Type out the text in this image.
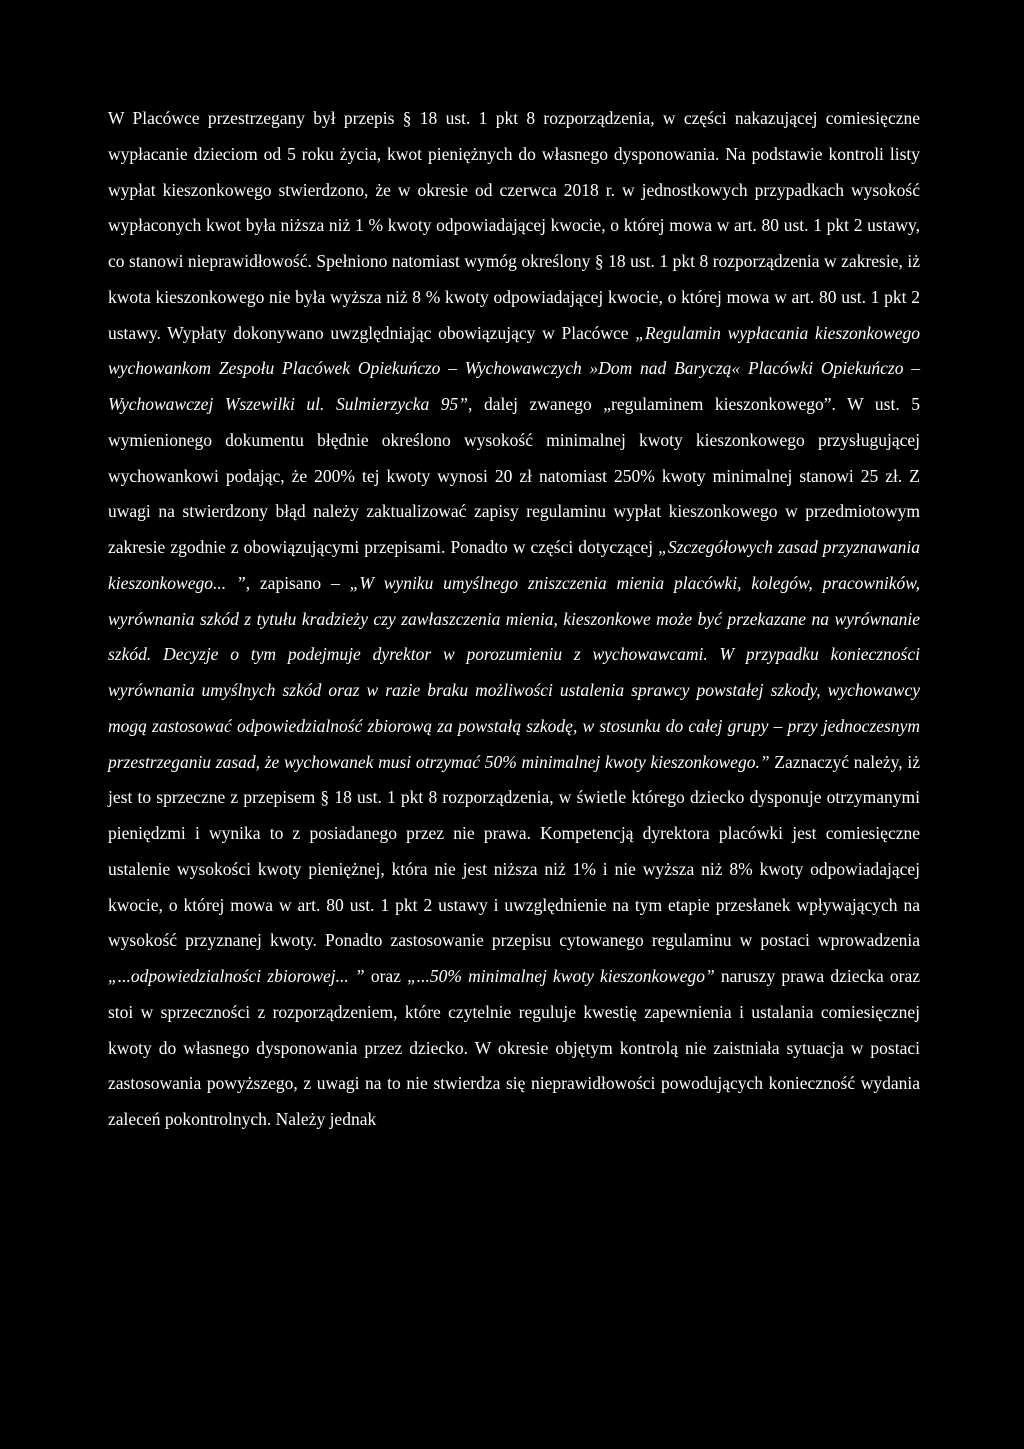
W Placówce przestrzegany był przepis § 18 ust. 1 pkt 8 rozporządzenia, w części nakazującej comiesięczne wypłacanie dzieciom od 5 roku życia, kwot pieniężnych do własnego dysponowania. Na podstawie kontroli listy wypłat kieszonkowego stwierdzono, że w okresie od czerwca 2018 r. w jednostkowych przypadkach wysokość wypłaconych kwot była niższa niż 1 % kwoty odpowiadającej kwocie, o której mowa w art. 80 ust. 1 pkt 2 ustawy, co stanowi nieprawidłowość. Spełniono natomiast wymóg określony § 18 ust. 1 pkt 8 rozporządzenia w zakresie, iż kwota kieszonkowego nie była wyższa niż 8 % kwoty odpowiadającej kwocie, o której mowa w art. 80 ust. 1 pkt 2 ustawy. Wypłaty dokonywano uwzględniając obowiązujący w Placówce „Regulamin wypłacania kieszonkowego wychowankom Zespołu Placówek Opiekuńczo – Wychowawczych »Dom nad Baryczą« Placówki Opiekuńczo – Wychowawczej Wszewilki ul. Sulmierzycka 95”, dalej zwanego „regulaminem kieszonkowego”. W ust. 5 wymienionego dokumentu błędnie określono wysokość minimalnej kwoty kieszonkowego przysługującej wychowankowi podając, że 200% tej kwoty wynosi 20 zł natomiast 250% kwoty minimalnej stanowi 25 zł. Z uwagi na stwierdzony błąd należy zaktualizować zapisy regulaminu wypłat kieszonkowego w przedmiotowym zakresie zgodnie z obowiązującymi przepisami. Ponadto w części dotyczącej „Szczegółowych zasad przyznawania kieszonkowego... ”, zapisano – „W wyniku umyślnego zniszczenia mienia placówki, kolegów, pracowników, wyrównania szkód z tytułu kradzieży czy zawłaszczenia mienia, kieszonkowe może być przekazane na wyrównanie szkód. Decyzje o tym podejmuje dyrektor w porozumieniu z wychowawcami. W przypadku konieczności wyrównania umyślnych szkód oraz w razie braku możliwości ustalenia sprawcy powstałej szkody, wychowawcy mogą zastosować odpowiedzialność zbiorową za powstałą szkodę, w stosunku do całej grupy – przy jednoczesnym przestrzeganiu zasad, że wychowanek musi otrzymać 50% minimalnej kwoty kieszonkowego.” Zaznaczyć należy, iż jest to sprzeczne z przepisem § 18 ust. 1 pkt 8 rozporządzenia, w świetle którego dziecko dysponuje otrzymanymi pieniędzmi i wynika to z posiadanego przez nie prawa. Kompetencją dyrektora placówki jest comiesięczne ustalenie wysokości kwoty pieniężnej, która nie jest niższa niż 1% i nie wyższa niż 8% kwoty odpowiadającej kwocie, o której mowa w art. 80 ust. 1 pkt 2 ustawy i uwzględnienie na tym etapie przesłanek wpływających na wysokość przyznanej kwoty. Ponadto zastosowanie przepisu cytowanego regulaminu w postaci wprowadzenia „...odpowiedzialności zbiorowej... ” oraz „...50% minimalnej kwoty kieszonkowego” naruszy prawa dziecka oraz stoi w sprzeczności z rozporządzeniem, które czytelnie reguluje kwestię zapewnienia i ustalania comiesięcznej kwoty do własnego dysponowania przez dziecko. W okresie objętym kontrolą nie zaistniała sytuacja w postaci zastosowania powyższego, z uwagi na to nie stwierdza się nieprawidłowości powodujących konieczność wydania zaleceń pokontrolnych. Należy jednak
